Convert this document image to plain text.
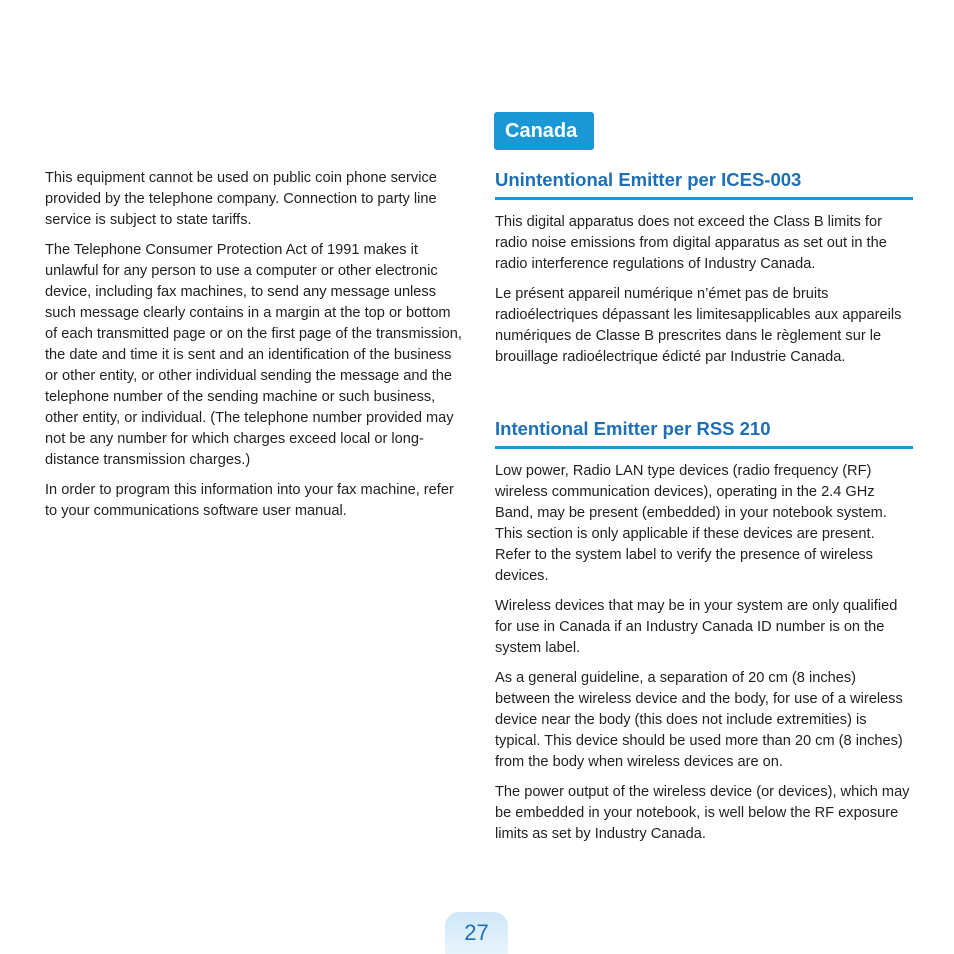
This equipment cannot be used on public coin phone service provided by the telephone company. Connection to party line service is subject to state tariffs.

The Telephone Consumer Protection Act of 1991 makes it unlawful for any person to use a computer or other electronic device, including fax machines, to send any message unless such message clearly contains in a margin at the top or bottom of each transmitted page or on the first page of the transmission, the date and time it is sent and an identification of the business or other entity, or other individual sending the message and the telephone number of the sending machine or such business, other entity, or individual. (The telephone number provided may not be any number for which charges exceed local or long-distance transmission charges.)

In order to program this information into your fax machine, refer to your communications software user manual.

Canada
Unintentional Emitter per ICES-003

This digital apparatus does not exceed the Class B limits for radio noise emissions from digital apparatus as set out in the radio interference regulations of Industry Canada.

Le présent appareil numérique n’émet pas de bruits radioélectriques dépassant les limitesapplicables aux appareils numériques de Classe B prescrites dans le règlement sur le brouillage radioélectrique édicté par Industrie Canada.

Intentional Emitter per RSS 210

Low power, Radio LAN type devices (radio frequency (RF) wireless communication devices), operating in the 2.4 GHz Band, may be present (embedded) in your notebook system. This section is only applicable if these devices are present. Refer to the system label to verify the presence of wireless devices.

Wireless devices that may be in your system are only qualified for use in Canada if an Industry Canada ID number is on the system label.

As a general guideline, a separation of 20 cm (8 inches) between the wireless device and the body, for use of a wireless device near the body (this does not include extremities) is typical. This device should be used more than 20 cm (8 inches) from the body when wireless devices are on.

The power output of the wireless device (or devices), which may be embedded in your notebook, is well below the RF exposure limits as set by Industry Canada.

27
